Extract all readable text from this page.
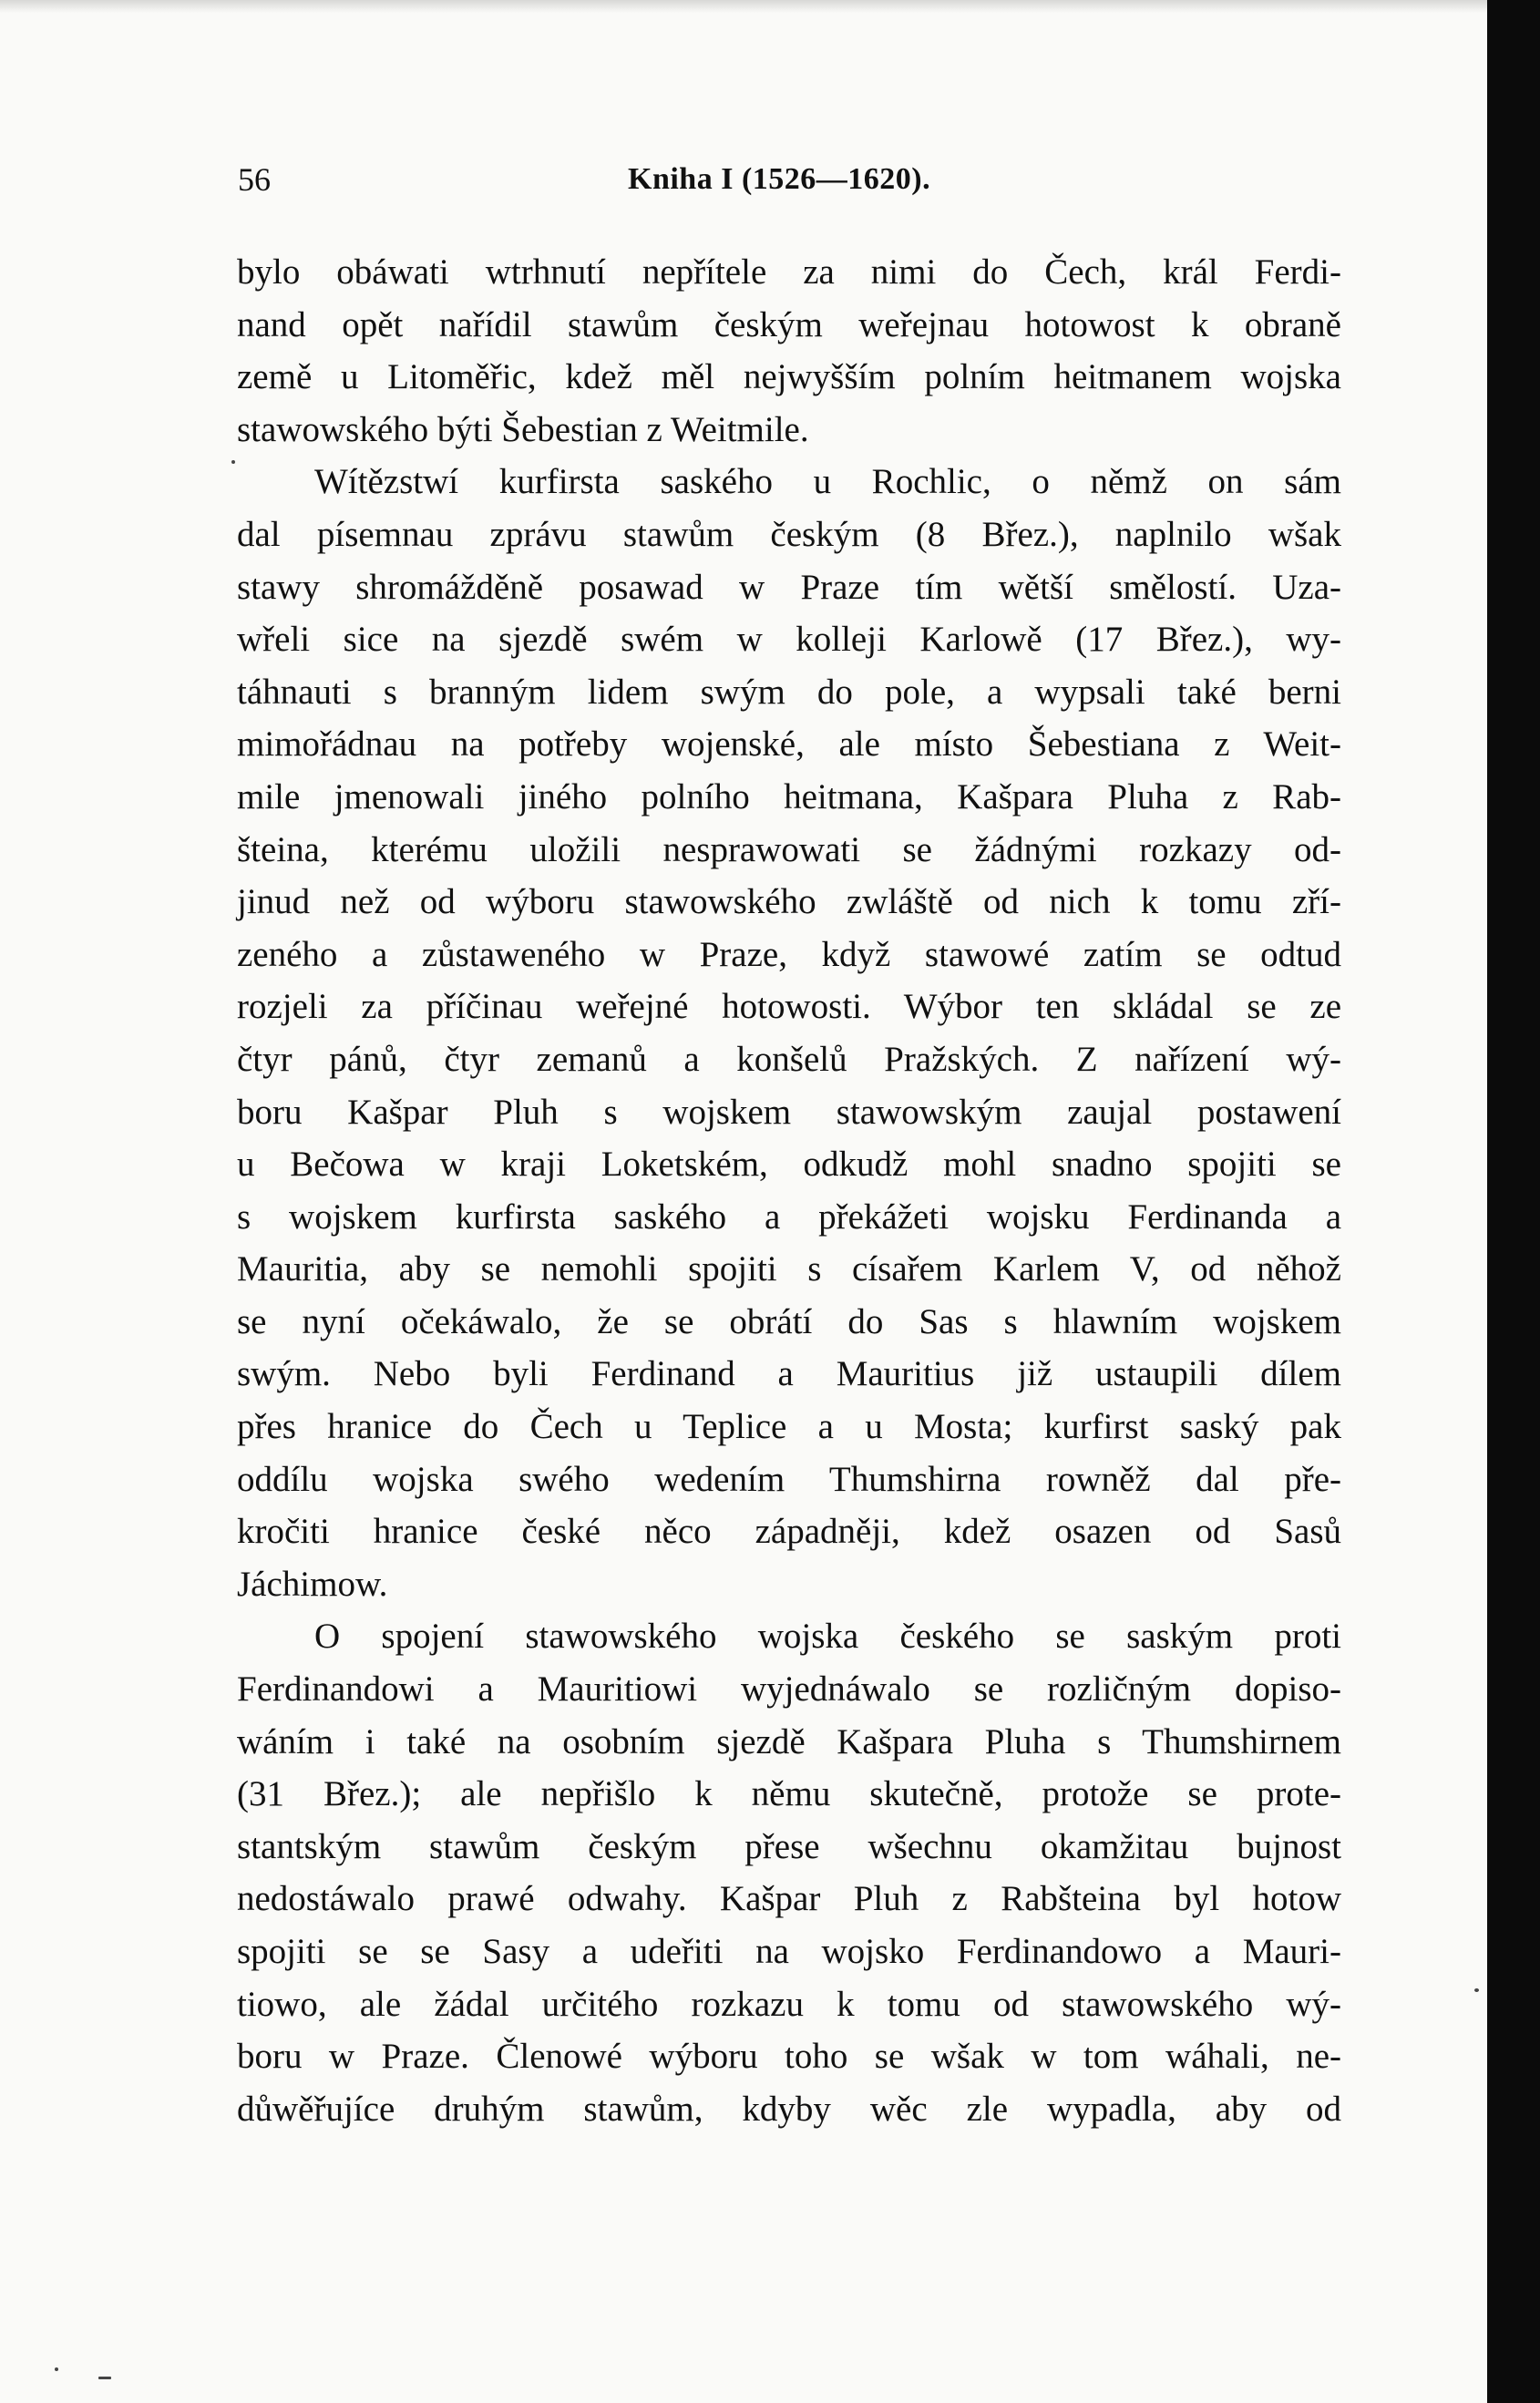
56	Kniha I (1526—1620).
bylo obáwati wtrhnutí nepřítele za nimi do Čech, král Ferdi-
nand opět nařídil stawům českým weřejnau hotowost k obraně
země u Litoměřic, kdež měl nejwyšším polním heitmanem wojska
stawowského býti Šebestian z Weitmile.
Wítězstwí kurfirsta saského u Rochlic, o němž on sám
dal písemnau zprávu stawům českým (8 Břez.), naplnilo wšak
stawy shromážděně posawad w Praze tím wětší smělostí. Uza-
wřeli sice na sjezdě swém w kolleji Karlowě (17 Břez.), wy-
táhnauti s branným lidem swým do pole, a wypsali také berni
mimořádnau na potřeby wojenské, ale místo Šebestiana z Weit-
mile jmenowali jiného polního heitmana, Kašpara Pluha z Rab-
šteina, kterému uložili nesprawowati se žádnými rozkazy od-
jinud než od wýboru stawowského zwláště od nich k tomu zří-
zeného a zůstaweného w Praze, když stawowé zatím se odtud
rozjeli za příčinau weřejné hotowosti. Wýbor ten skládal se ze
čtyr pánů, čtyr zemanů a konšelů Pražských. Z nařízení wý-
boru Kašpar Pluh s wojskem stawowským zaujal postawení
u Bečowa w kraji Loketském, odkudž mohl snadno spojiti se
s wojskem kurfirsta saského a překážeti wojsku Ferdinanda a
Mauritia, aby se nemohli spojiti s císařem Karlem V, od něhož
se nyní očekáwalo, že se obrátí do Sas s hlawním wojskem
swým. Nebo byli Ferdinand a Mauritius již ustaupili dílem
přes hranice do Čech u Teplice a u Mosta; kurfirst saský pak
oddílu wojska swého wedením Thumshirna rowněž dal pře-
kročiti hranice české něco západněji, kdež osazen od Sasů
Jáchimow.
O spojení stawowského wojska českého se saským proti
Ferdinandowi a Mauritiowi wyjednáwalo se rozličným dopiso-
wáním i také na osobním sjezdě Kašpara Pluha s Thumshirnem
(31 Břez.); ale nepřišlo k němu skutečně, protože se prote-
stantským stawům českým přese wšechnu okamžitau bujnost
nedostáwalo prawé odwahy. Kašpar Pluh z Rabšteina byl hotow
spojiti se se Sasy a udeřiti na wojsko Ferdinandowo a Mauri-
tiowo, ale žádal určitého rozkazu k tomu od stawowského wý-
boru w Praze. Členowé wýboru toho se wšak w tom wáhali, ne-
důwěřujíce druhým stawům, kdyby wěc zle wypadla, aby od
